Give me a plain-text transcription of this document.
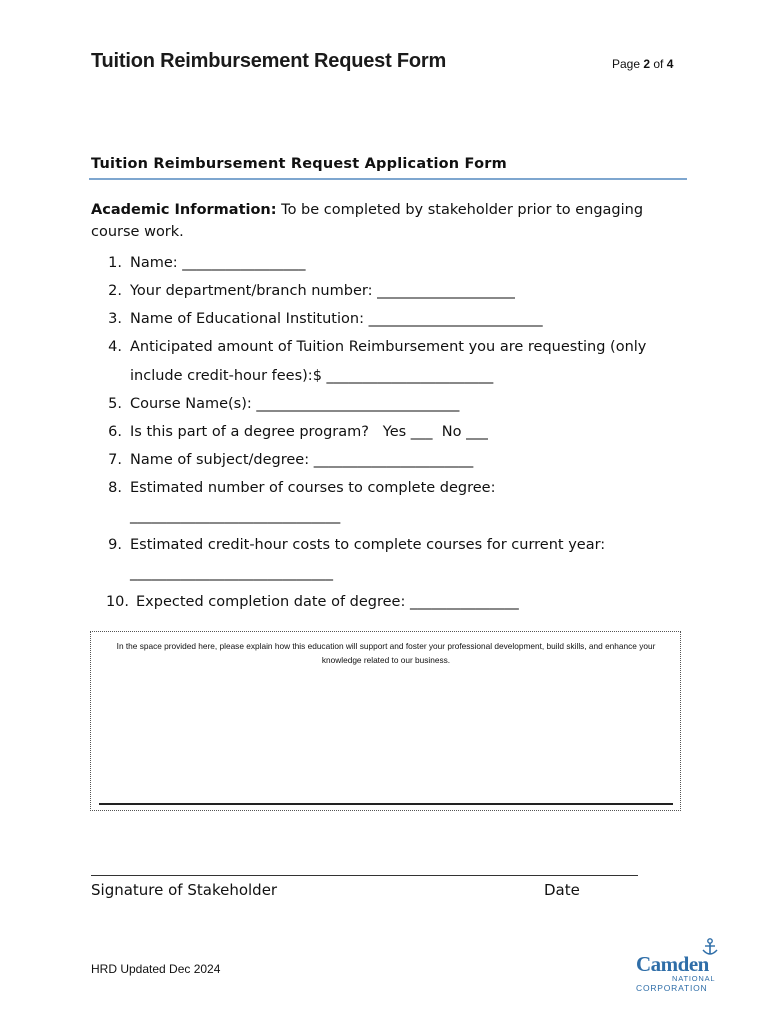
Tuition Reimbursement Request Form	Page 2 of 4
Tuition Reimbursement Request Application Form
Academic Information: To be completed by stakeholder prior to engaging course work.
1. Name: _________________
2. Your department/branch number: ___________________
3. Name of Educational Institution: ________________________
4. Anticipated amount of Tuition Reimbursement you are requesting (only
include credit-hour fees):$ _______________________
5. Course Name(s): ____________________________
6. Is this part of a degree program?   Yes ___  No ___
7. Name of subject/degree: ______________________
8. Estimated number of courses to complete degree:
_____________________________
9. Estimated credit-hour costs to complete courses for current year:
____________________________
10. Expected completion date of degree: _______________
In the space provided here, please explain how this education will support and foster your professional development, build skills, and enhance your knowledge related to our business.
Signature of Stakeholder	Date
HRD Updated Dec 2024	Camden
NATIONAL
CORPORATION
